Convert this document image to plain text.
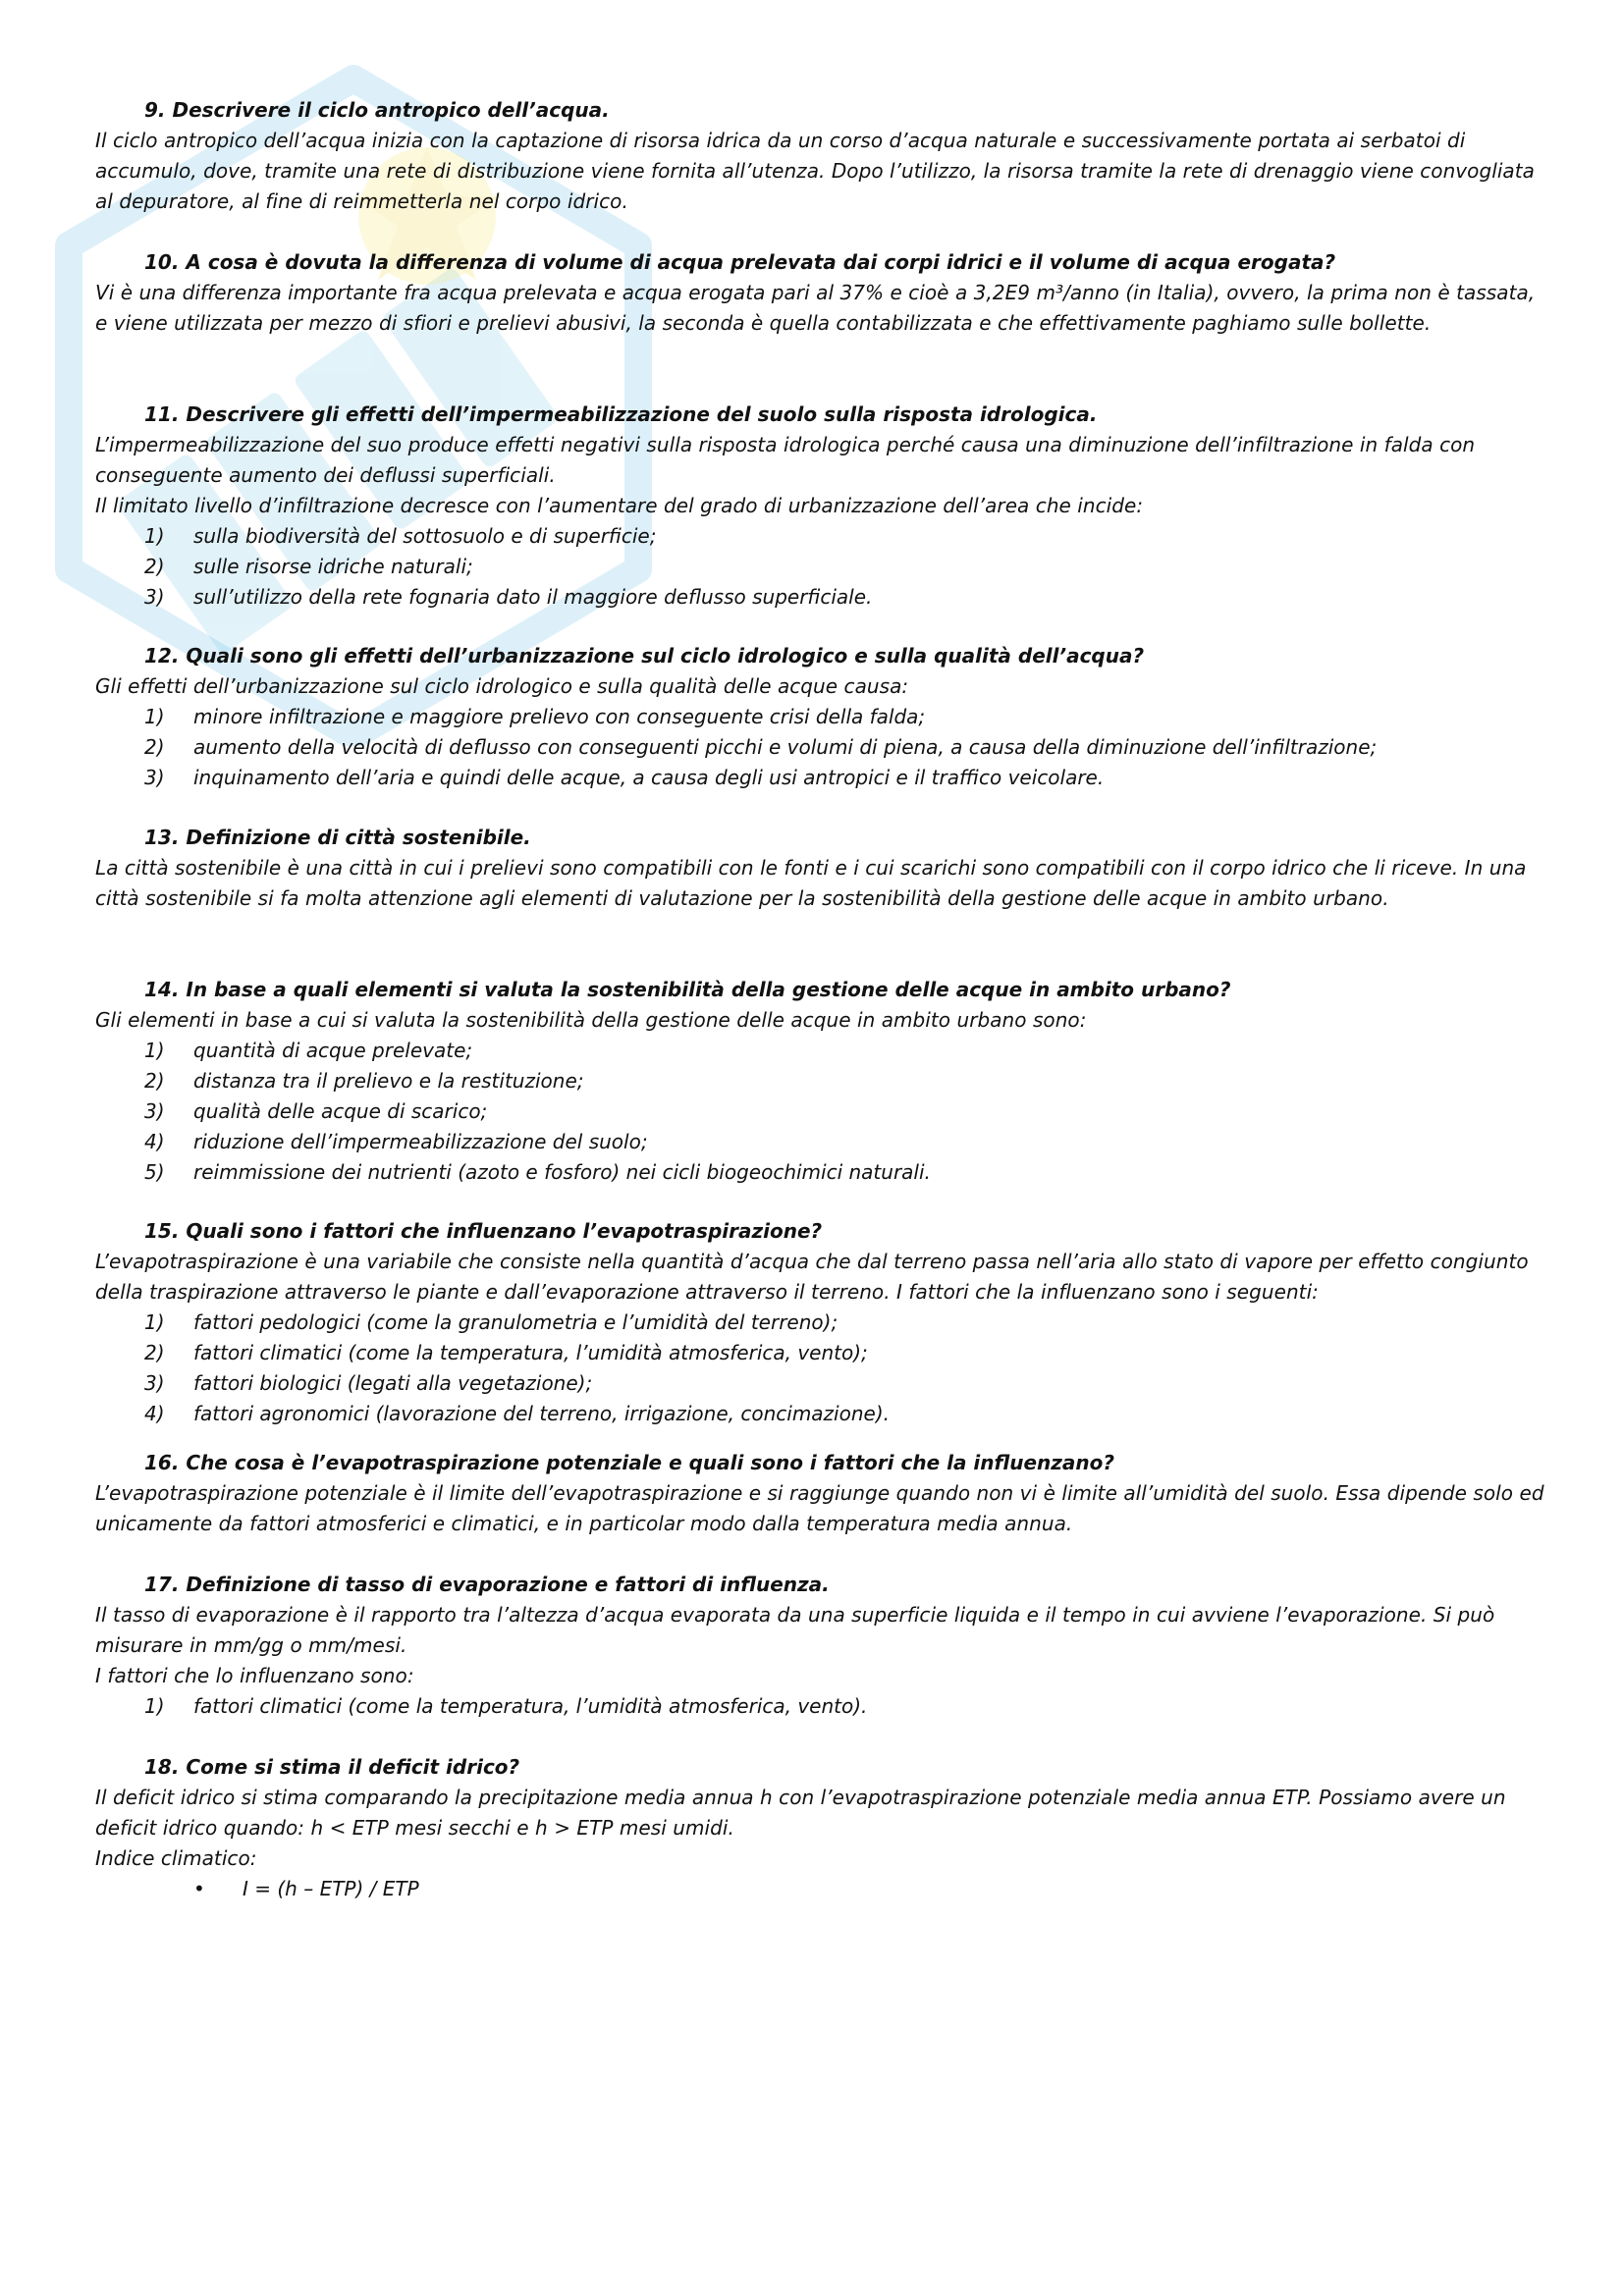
9. Descrivere il ciclo antropico dell’acqua.

Il ciclo antropico dell’acqua inizia con la captazione di risorsa idrica da un corso d’acqua naturale e successivamente portata ai serbatoi di accumulo, dove, tramite una rete di distribuzione viene fornita all’utenza. Dopo l’utilizzo, la risorsa tramite la rete di drenaggio viene convogliata al depuratore, al fine di reimmetterla nel corpo idrico.

10. A cosa è dovuta la differenza di volume di acqua prelevata dai corpi idrici e il volume di acqua erogata?

Vi è una differenza importante fra acqua prelevata e acqua erogata pari al 37% e cioè a 3,2E9 m³/anno (in Italia), ovvero, la prima non è tassata, e viene utilizzata per mezzo di sfiori e prelievi abusivi, la seconda è quella contabilizzata e che effettivamente paghiamo sulle bollette.

11. Descrivere gli effetti dell’impermeabilizzazione del suolo sulla risposta idrologica.

L’impermeabilizzazione del suo produce effetti negativi sulla risposta idrologica perché causa una diminuzione dell’infiltrazione in falda con conseguente aumento dei deflussi superficiali.

Il limitato livello d’infiltrazione decresce con l’aumentare del grado di urbanizzazione dell’area che incide:

1) sulla biodiversità del sottosuolo e di superficie;
2) sulle risorse idriche naturali;
3) sull’utilizzo della rete fognaria dato il maggiore deflusso superficiale.

12. Quali sono gli effetti dell’urbanizzazione sul ciclo idrologico e sulla qualità dell’acqua?

Gli effetti dell’urbanizzazione sul ciclo idrologico e sulla qualità delle acque causa:

1) minore infiltrazione e maggiore prelievo con conseguente crisi della falda;
2) aumento della velocità di deflusso con conseguenti picchi e volumi di piena, a causa della diminuzione dell’infiltrazione;
3) inquinamento dell’aria e quindi delle acque, a causa degli usi antropici e il traffico veicolare.

13. Definizione di città sostenibile.

La città sostenibile è una città in cui i prelievi sono compatibili con le fonti e i cui scarichi sono compatibili con il corpo idrico che li riceve. In una città sostenibile si fa molta attenzione agli elementi di valutazione per la sostenibilità della gestione delle acque in ambito urbano.

14. In base a quali elementi si valuta la sostenibilità della gestione delle acque in ambito urbano?

Gli elementi in base a cui si valuta la sostenibilità della gestione delle acque in ambito urbano sono:

1) quantità di acque prelevate;
2) distanza tra il prelievo e la restituzione;
3) qualità delle acque di scarico;
4) riduzione dell’impermeabilizzazione del suolo;
5) reimmissione dei nutrienti (azoto e fosforo) nei cicli biogeochimici naturali.

15. Quali sono i fattori che influenzano l’evapotraspirazione?

L’evapotraspirazione è una variabile che consiste nella quantità d’acqua che dal terreno passa nell’aria allo stato di vapore per effetto congiunto della traspirazione attraverso le piante e dall’evaporazione attraverso il terreno. I fattori che la influenzano sono i seguenti:

1) fattori pedologici (come la granulometria e l’umidità del terreno);
2) fattori climatici (come la temperatura, l’umidità atmosferica, vento);
3) fattori biologici (legati alla vegetazione);
4) fattori agronomici (lavorazione del terreno, irrigazione, concimazione).

16. Che cosa è l’evapotraspirazione potenziale e quali sono i fattori che la influenzano?

L’evapotraspirazione potenziale è il limite dell’evapotraspirazione e si raggiunge quando non vi è limite all’umidità del suolo. Essa dipende solo ed unicamente da fattori atmosferici e climatici, e in particolar modo dalla temperatura media annua.

17. Definizione di tasso di evaporazione e fattori di influenza.

Il tasso di evaporazione è il rapporto tra l’altezza d’acqua evaporata da una superficie liquida e il tempo in cui avviene l’evaporazione. Si può misurare in mm/gg o mm/mesi.

I fattori che lo influenzano sono:

1) fattori climatici (come la temperatura, l’umidità atmosferica, vento).

18. Come si stima il deficit idrico?

Il deficit idrico si stima comparando la precipitazione media annua h con l’evapotraspirazione potenziale media annua ETP. Possiamo avere un deficit idrico quando: h < ETP mesi secchi e h > ETP mesi umidi.

Indice climatico:

• I = (h – ETP) / ETP
